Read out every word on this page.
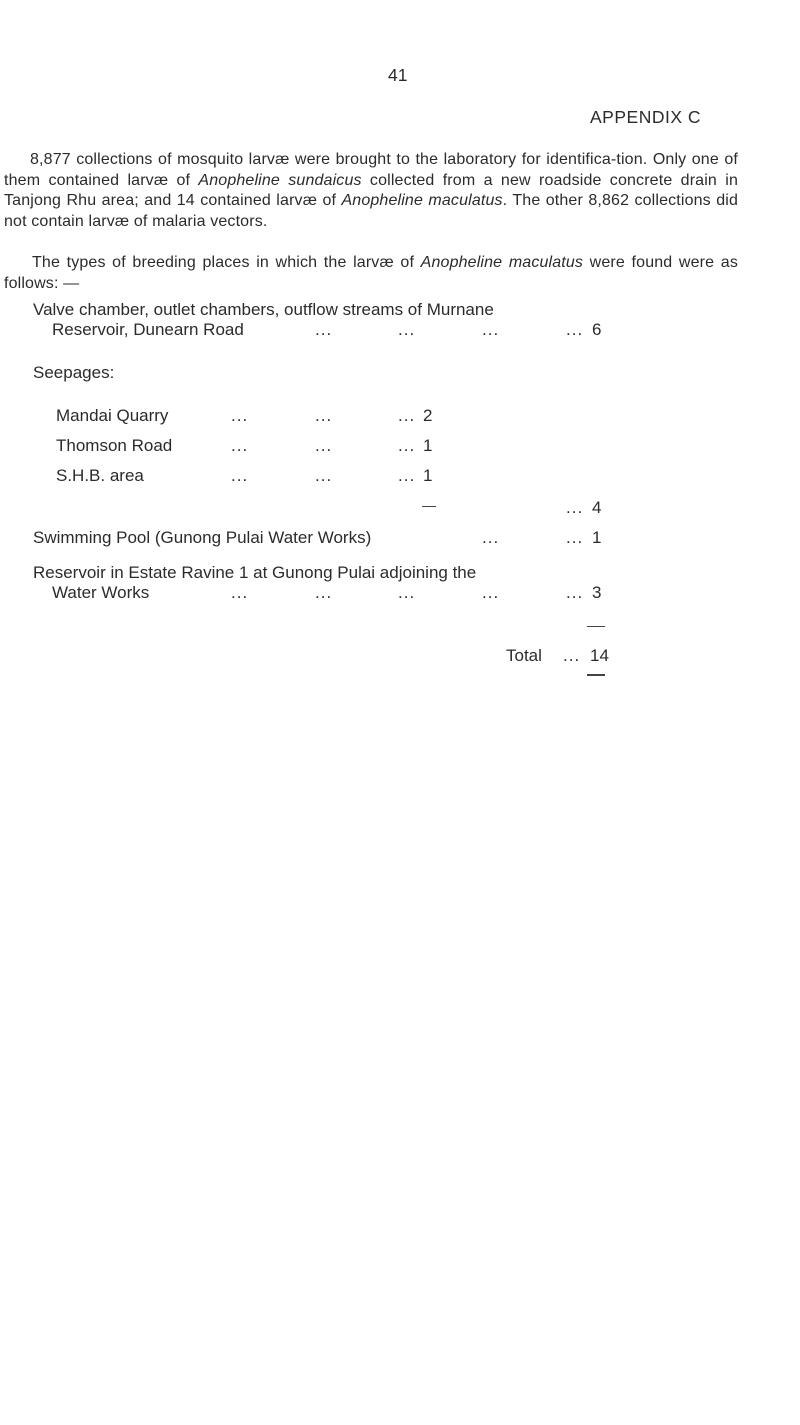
41
APPENDIX C
8,877 collections of mosquito larvæ were brought to the laboratory for identifica-tion. Only one of them contained larvæ of Anopheline sundaicus collected from a new roadside concrete drain in Tanjong Rhu area; and 14 contained larvæ of Anopheline maculatus. The other 8,862 collections did not contain larvæ of malaria vectors.
The types of breeding places in which the larvæ of Anopheline maculatus were found were as follows: —
Valve chamber, outlet chambers, outflow streams of Murnane
Reservoir, Dunearn Road	...	...	...	... 6
Seepages:
Mandai Quarry	...	...	... 2
Thomson Road	...	...	... 1
S.H.B. area	...	...	... 1
... 4
Swimming Pool (Gunong Pulai Water Works)	...	... 1
Reservoir in Estate Ravine 1 at Gunong Pulai adjoining the
Water Works	...	...	...	...	... 3
Total ... 14
